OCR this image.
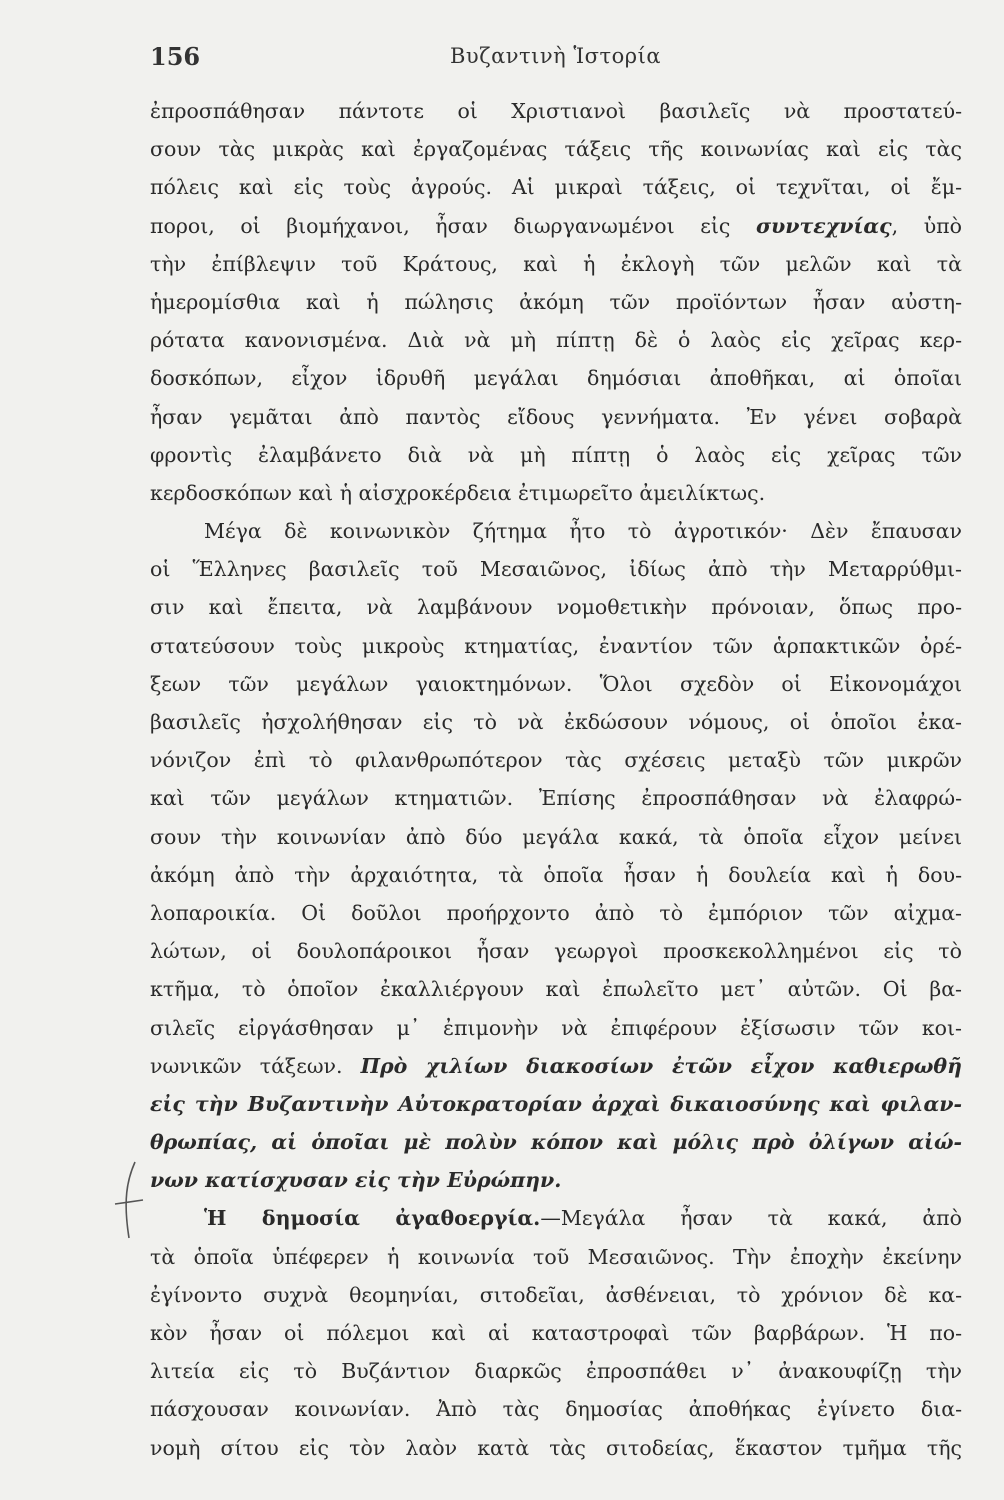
156	Βυζαντινὴ Ἱστορία
ἐπροσπάθησαν πάντοτε οἱ Χριστιανοὶ βασιλεῖς νὰ προστατεύ-
σουν τὰς μικρὰς καὶ ἐργαζομένας τάξεις τῆς κοινωνίας καὶ εἰς τὰς
πόλεις καὶ εἰς τοὺς ἀγρούς. Αἱ μικραὶ τάξεις, οἱ τεχνῖται, οἱ ἔμ-
ποροι, οἱ βιομήχανοι, ἦσαν διωργανωμένοι εἰς συντεχνίας, ὑπὸ
τὴν ἐπίβλεψιν τοῦ Κράτους, καὶ ἡ ἐκλογὴ τῶν μελῶν καὶ τὰ
ἡμερομίσθια καὶ ἡ πώλησις ἀκόμη τῶν προϊόντων ἦσαν αὐστη-
ρότατα κανονισμένα. Διὰ νὰ μὴ πίπτῃ δὲ ὁ λαὸς εἰς χεῖρας κερ-
δοσκόπων, εἶχον ἱδρυθῆ μεγάλαι δημόσιαι ἀποθῆκαι, αἱ ὁποῖαι
ἦσαν γεμᾶται ἀπὸ παντὸς εἴδους γεννήματα. Ἐν γένει σοβαρὰ
φροντὶς ἐλαμβάνετο διὰ νὰ μὴ πίπτῃ ὁ λαὸς εἰς χεῖρας τῶν
κερδοσκόπων καὶ ἡ αἰσχροκέρδεια ἐτιμωρεῖτο ἀμειλίκτως.
Μέγα δὲ κοινωνικὸν ζήτημα ἦτο τὸ ἀγροτικόν· Δὲν ἔπαυσαν
οἱ Ἕλληνες βασιλεῖς τοῦ Μεσαιῶνος, ἰδίως ἀπὸ τὴν Μεταρρύθμι-
σιν καὶ ἔπειτα, νὰ λαμβάνουν νομοθετικὴν πρόνοιαν, ὅπως προ-
στατεύσουν τοὺς μικροὺς κτηματίας, ἐναντίον τῶν ἁρπακτικῶν ὀρέ-
ξεων τῶν μεγάλων γαιοκτημόνων. Ὅλοι σχεδὸν οἱ Εἰκονομάχοι
βασιλεῖς ἠσχολήθησαν εἰς τὸ νὰ ἐκδώσουν νόμους, οἱ ὁποῖοι ἐκα-
νόνιζον ἐπὶ τὸ φιλανθρωπότερον τὰς σχέσεις μεταξὺ τῶν μικρῶν
καὶ τῶν μεγάλων κτηματιῶν. Ἐπίσης ἐπροσπάθησαν νὰ ἐλαφρώ-
σουν τὴν κοινωνίαν ἀπὸ δύο μεγάλα κακά, τὰ ὁποῖα εἶχον μείνει
ἀκόμη ἀπὸ τὴν ἀρχαιότητα, τὰ ὁποῖα ἦσαν ἡ δουλεία καὶ ἡ δου-
λοπαροικία. Οἱ δοῦλοι προήρχοντο ἀπὸ τὸ ἐμπόριον τῶν αἰχμα-
λώτων, οἱ δουλοπάροικοι ἦσαν γεωργοὶ προσκεκολλημένοι εἰς τὸ
κτῆμα, τὸ ὁποῖον ἐκαλλιέργουν καὶ ἐπωλεῖτο μετ᾽ αὐτῶν. Οἱ βα-
σιλεῖς εἰργάσθησαν μ᾽ ἐπιμονὴν νὰ ἐπιφέρουν ἐξίσωσιν τῶν κοι-
νωνικῶν τάξεων. Πρὸ χιλίων διακοσίων ἐτῶν εἶχον καθιερωθῆ
εἰς τὴν Βυζαντινὴν Αὐτοκρατορίαν ἀρχαὶ δικαιοσύνης καὶ φιλαν-
θρωπίας, αἱ ὁποῖαι μὲ πολὺν κόπον καὶ μόλις πρὸ ὀλίγων αἰώ-
νων κατίσχυσαν εἰς τὴν Εὐρώπην.
Ἡ δημοσία ἀγαθοεργία.—Μεγάλα ἦσαν τὰ κακά, ἀπὸ
τὰ ὁποῖα ὑπέφερεν ἡ κοινωνία τοῦ Μεσαιῶνος. Τὴν ἐποχὴν ἐκείνην
ἐγίνοντο συχνὰ θεομηνίαι, σιτοδεῖαι, ἀσθένειαι, τὸ χρόνιον δὲ κα-
κὸν ἦσαν οἱ πόλεμοι καὶ αἱ καταστροφαὶ τῶν βαρβάρων. Ἡ πο-
λιτεία εἰς τὸ Βυζάντιον διαρκῶς ἐπροσπάθει ν᾽ ἀνακουφίζῃ τὴν
πάσχουσαν κοινωνίαν. Ἀπὸ τὰς δημοσίας ἀποθήκας ἐγίνετο δια-
νομὴ σίτου εἰς τὸν λαὸν κατὰ τὰς σιτοδείας, ἕκαστον τμῆμα τῆς
